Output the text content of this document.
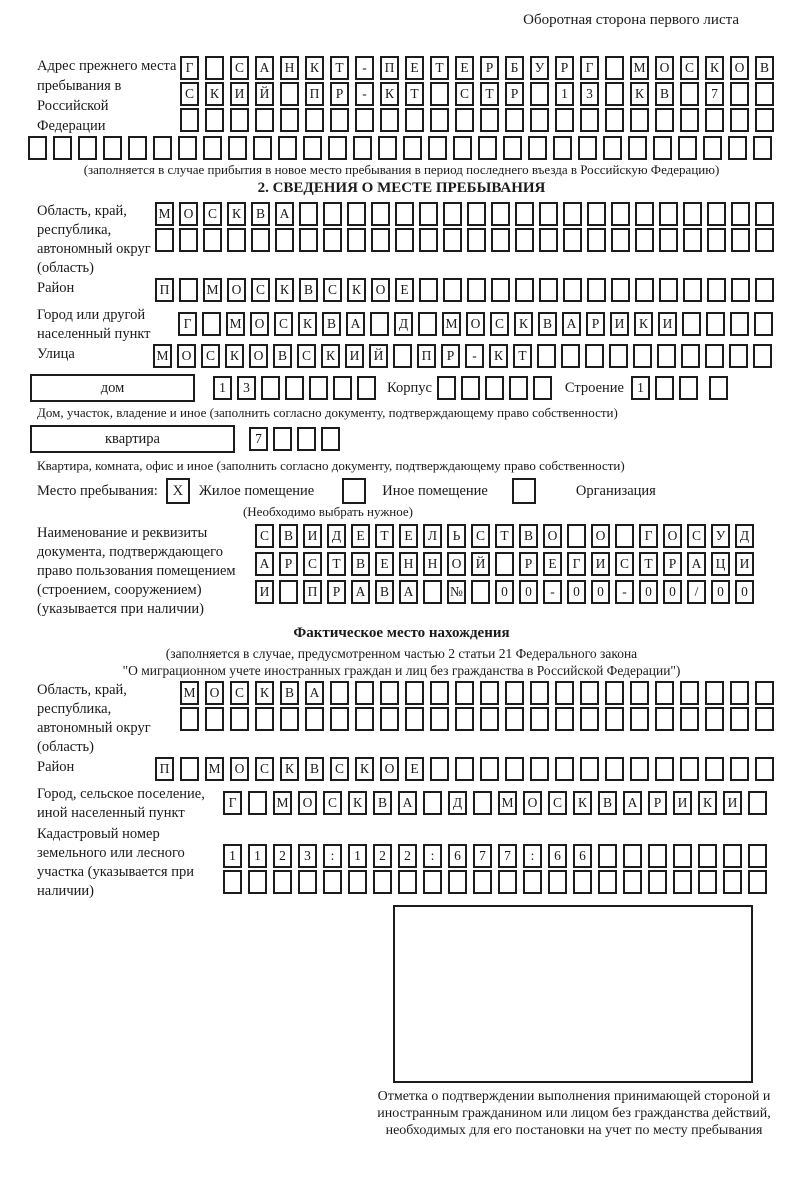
Оборотная сторона первого листа
Адрес прежнего места пребывания в Российской Федерации
Г	С	А	Н	К	Т	-	П	Е	Т	Е	Р	Б	У	Р	Г	М	О	С	К	О	В
С	К	И	Й	П	Р	-	К	Т	С	Т	Р	1	3	К	В	7
(заполняется в случае прибытия в новое место пребывания в период последнего въезда в Российскую Федерацию)
2. СВЕДЕНИЯ О МЕСТЕ ПРЕБЫВАНИЯ
Область, край, республика, автономный округ (область)
М О	С	К	В	А
Район	П	М О	С	К	В	С	К	О	Е
Город или другой населенный пункт
Г	М О	С	К	В	А	Д	М О	С	К	В	А	Р	И	К	И
Улица	М О	С	К	О	В	С	К	И	Й	П	Р	-	К	Т
дом	1	3	Корпус	Строение 1
Дом, участок, владение и иное (заполнить согласно документу, подтверждающему право собственности)
квартира	7
Квартира, комната, офис и иное (заполнить согласно документу, подтверждающему право собственности)
Место пребывания:	X	Жилое помещение	Иное помещение	Организация
(Необходимо выбрать нужное)
Наименование и реквизиты документа, подтверждающего право пользования помещением (строением, сооружением) (указывается при наличии)
С	В	И	Д	Е	Т	Е	Л	Ь	С	Т	В	О	О	Г	О	С	У	Д
А	Р	С	Т	В	Е	Н	Н	О	Й	Р	Е	Г	И	С	Т	Р	А	Ц	И
И	П	Р	А	В	А	№	0	0	-	0	0	-	0	0	/	0	0
Фактическое место нахождения
(заполняется в случае, предусмотренном частью 2 статьи 21 Федерального закона
"О миграционном учете иностранных граждан и лиц без гражданства в Российской Федерации")
Область, край, республика, автономный округ (область)
М	О	С	К	В	А
Район	П	М	О	С	К	В	С	К	О	Е
Город, сельское поселение, иной населенный пункт
Г	М	О	С	К	В	А	Д	М	О	С	К	В	А	Р	И	К	И
Кадастровый номер земельного или лесного участка (указывается при наличии)
1	1	2	3	:	1	2	2	:	6	7	7	:	6	6
Отметка о подтверждении выполнения принимающей стороной и иностранным гражданином или лицом без гражданства действий, необходимых для его постановки на учет по месту пребывания
